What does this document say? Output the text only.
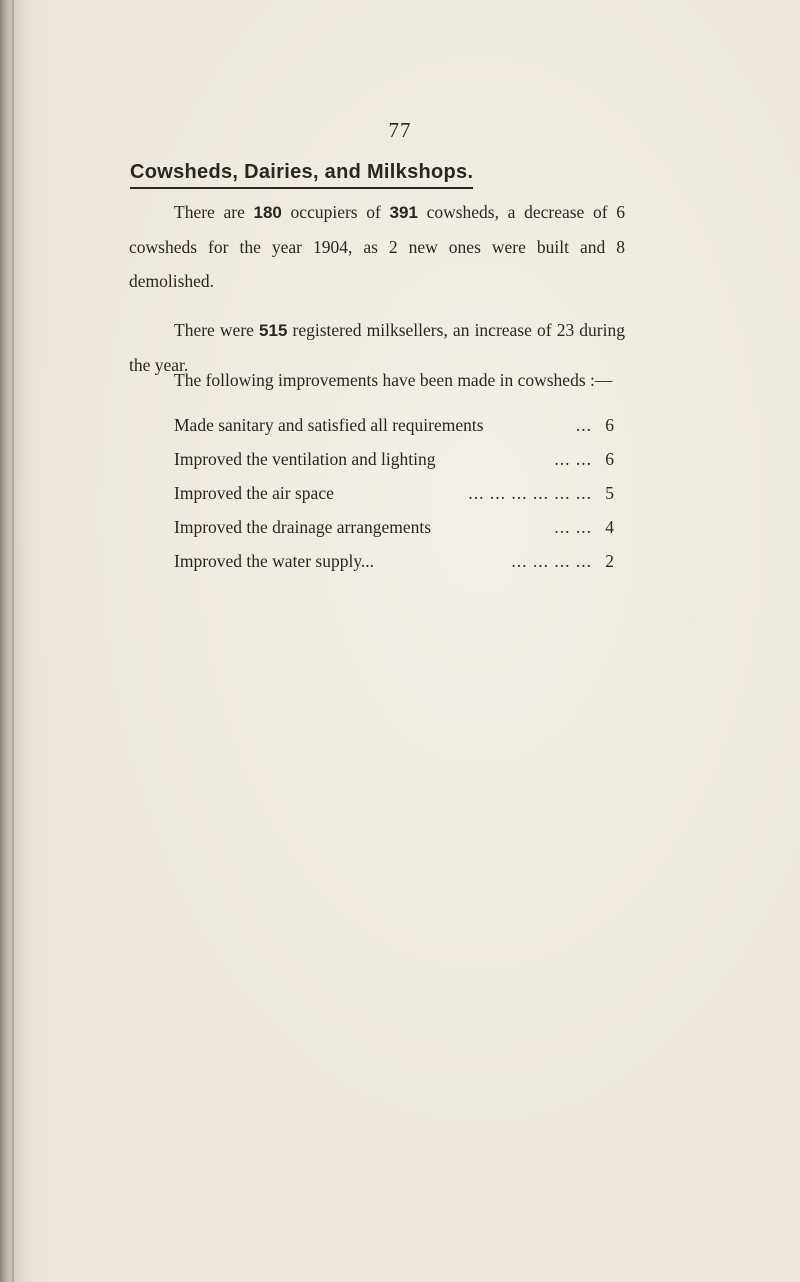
77
Cowsheds, Dairies, and Milkshops.
There are 180 occupiers of 391 cowsheds, a decrease of 6 cowsheds for the year 1904, as 2 new ones were built and 8 demolished.
There were 515 registered milksellers, an increase of 23 during the year.
The following improvements have been made in cowsheds :—
Made sanitary and satisfied all requirements	... 6
Improved the ventilation and lighting	... ... 6
Improved the air space	... ... ... ... ... ... 5
Improved the drainage arrangements	... ... 4
Improved the water supply...	... ... ... ... 2
